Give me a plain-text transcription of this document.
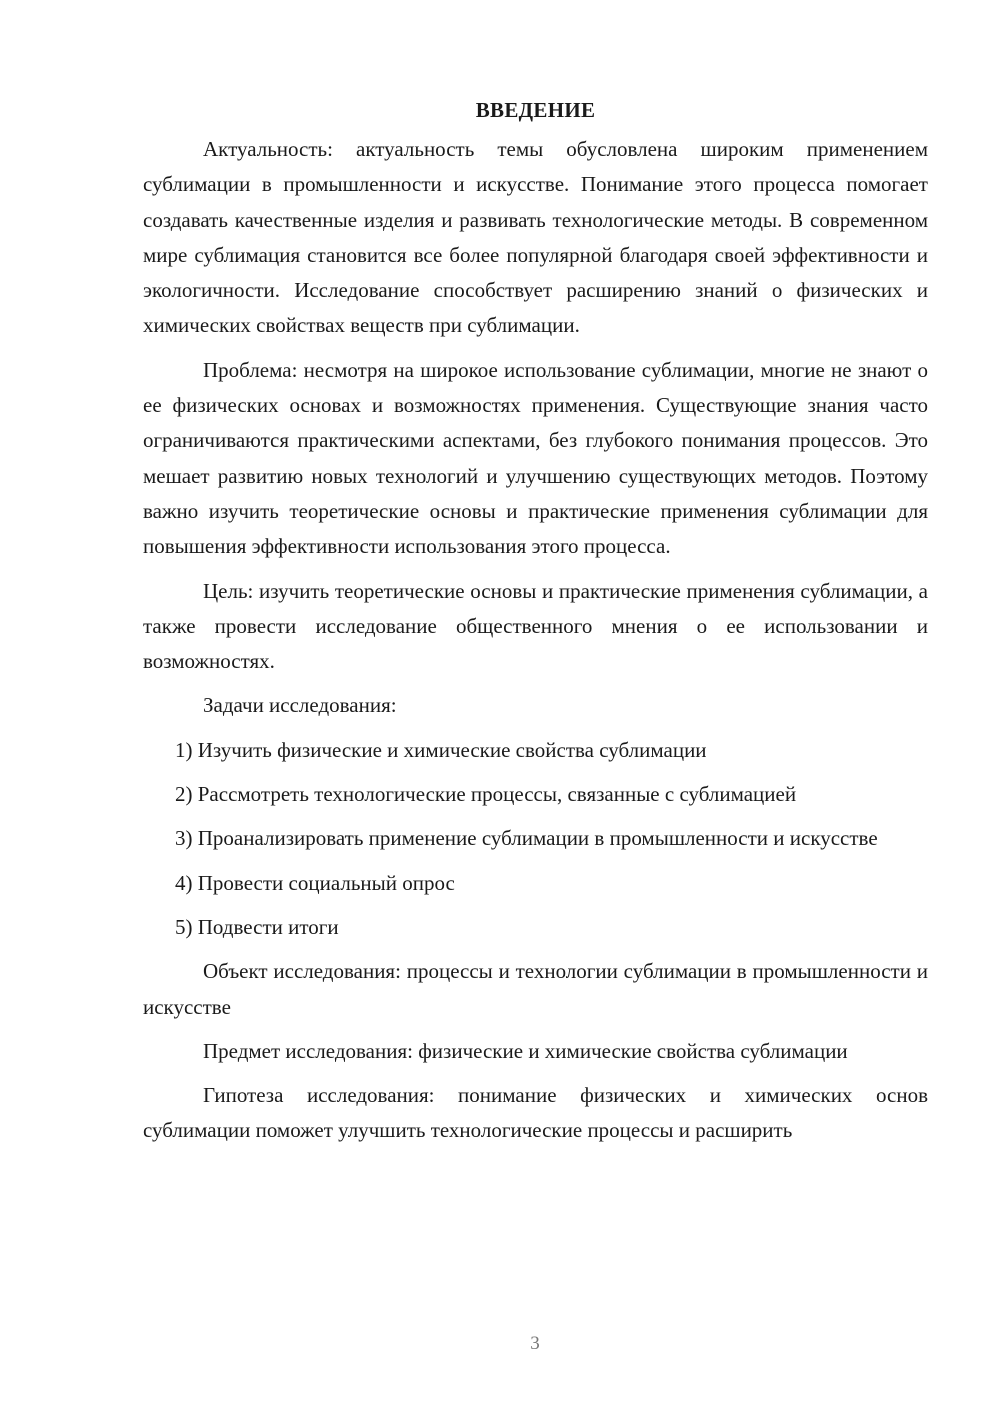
ВВЕДЕНИЕ

Актуальность: актуальность темы обусловлена широким применением сублимации в промышленности и искусстве. Понимание этого процесса помогает создавать качественные изделия и развивать технологические методы. В современном мире сублимация становится все более популярной благодаря своей эффективности и экологичности. Исследование способствует расширению знаний о физических и химических свойствах веществ при сублимации.

Проблема: несмотря на широкое использование сублимации, многие не знают о ее физических основах и возможностях применения. Существующие знания часто ограничиваются практическими аспектами, без глубокого понимания процессов. Это мешает развитию новых технологий и улучшению существующих методов. Поэтому важно изучить теоретические основы и практические применения сублимации для повышения эффективности использования этого процесса.

Цель: изучить теоретические основы и практические применения сублимации, а также провести исследование общественного мнения о ее использовании и возможностях.

Задачи исследования:

1) Изучить физические и химические свойства сублимации

2) Рассмотреть технологические процессы, связанные с сублимацией

3) Проанализировать применение сублимации в промышленности и искусстве

4) Провести социальный опрос

5) Подвести итоги

Объект исследования: процессы и технологии сублимации в промышленности и искусстве

Предмет исследования: физические и химические свойства сублимации

Гипотеза исследования: понимание физических и химических основ сублимации поможет улучшить технологические процессы и расширить

3
